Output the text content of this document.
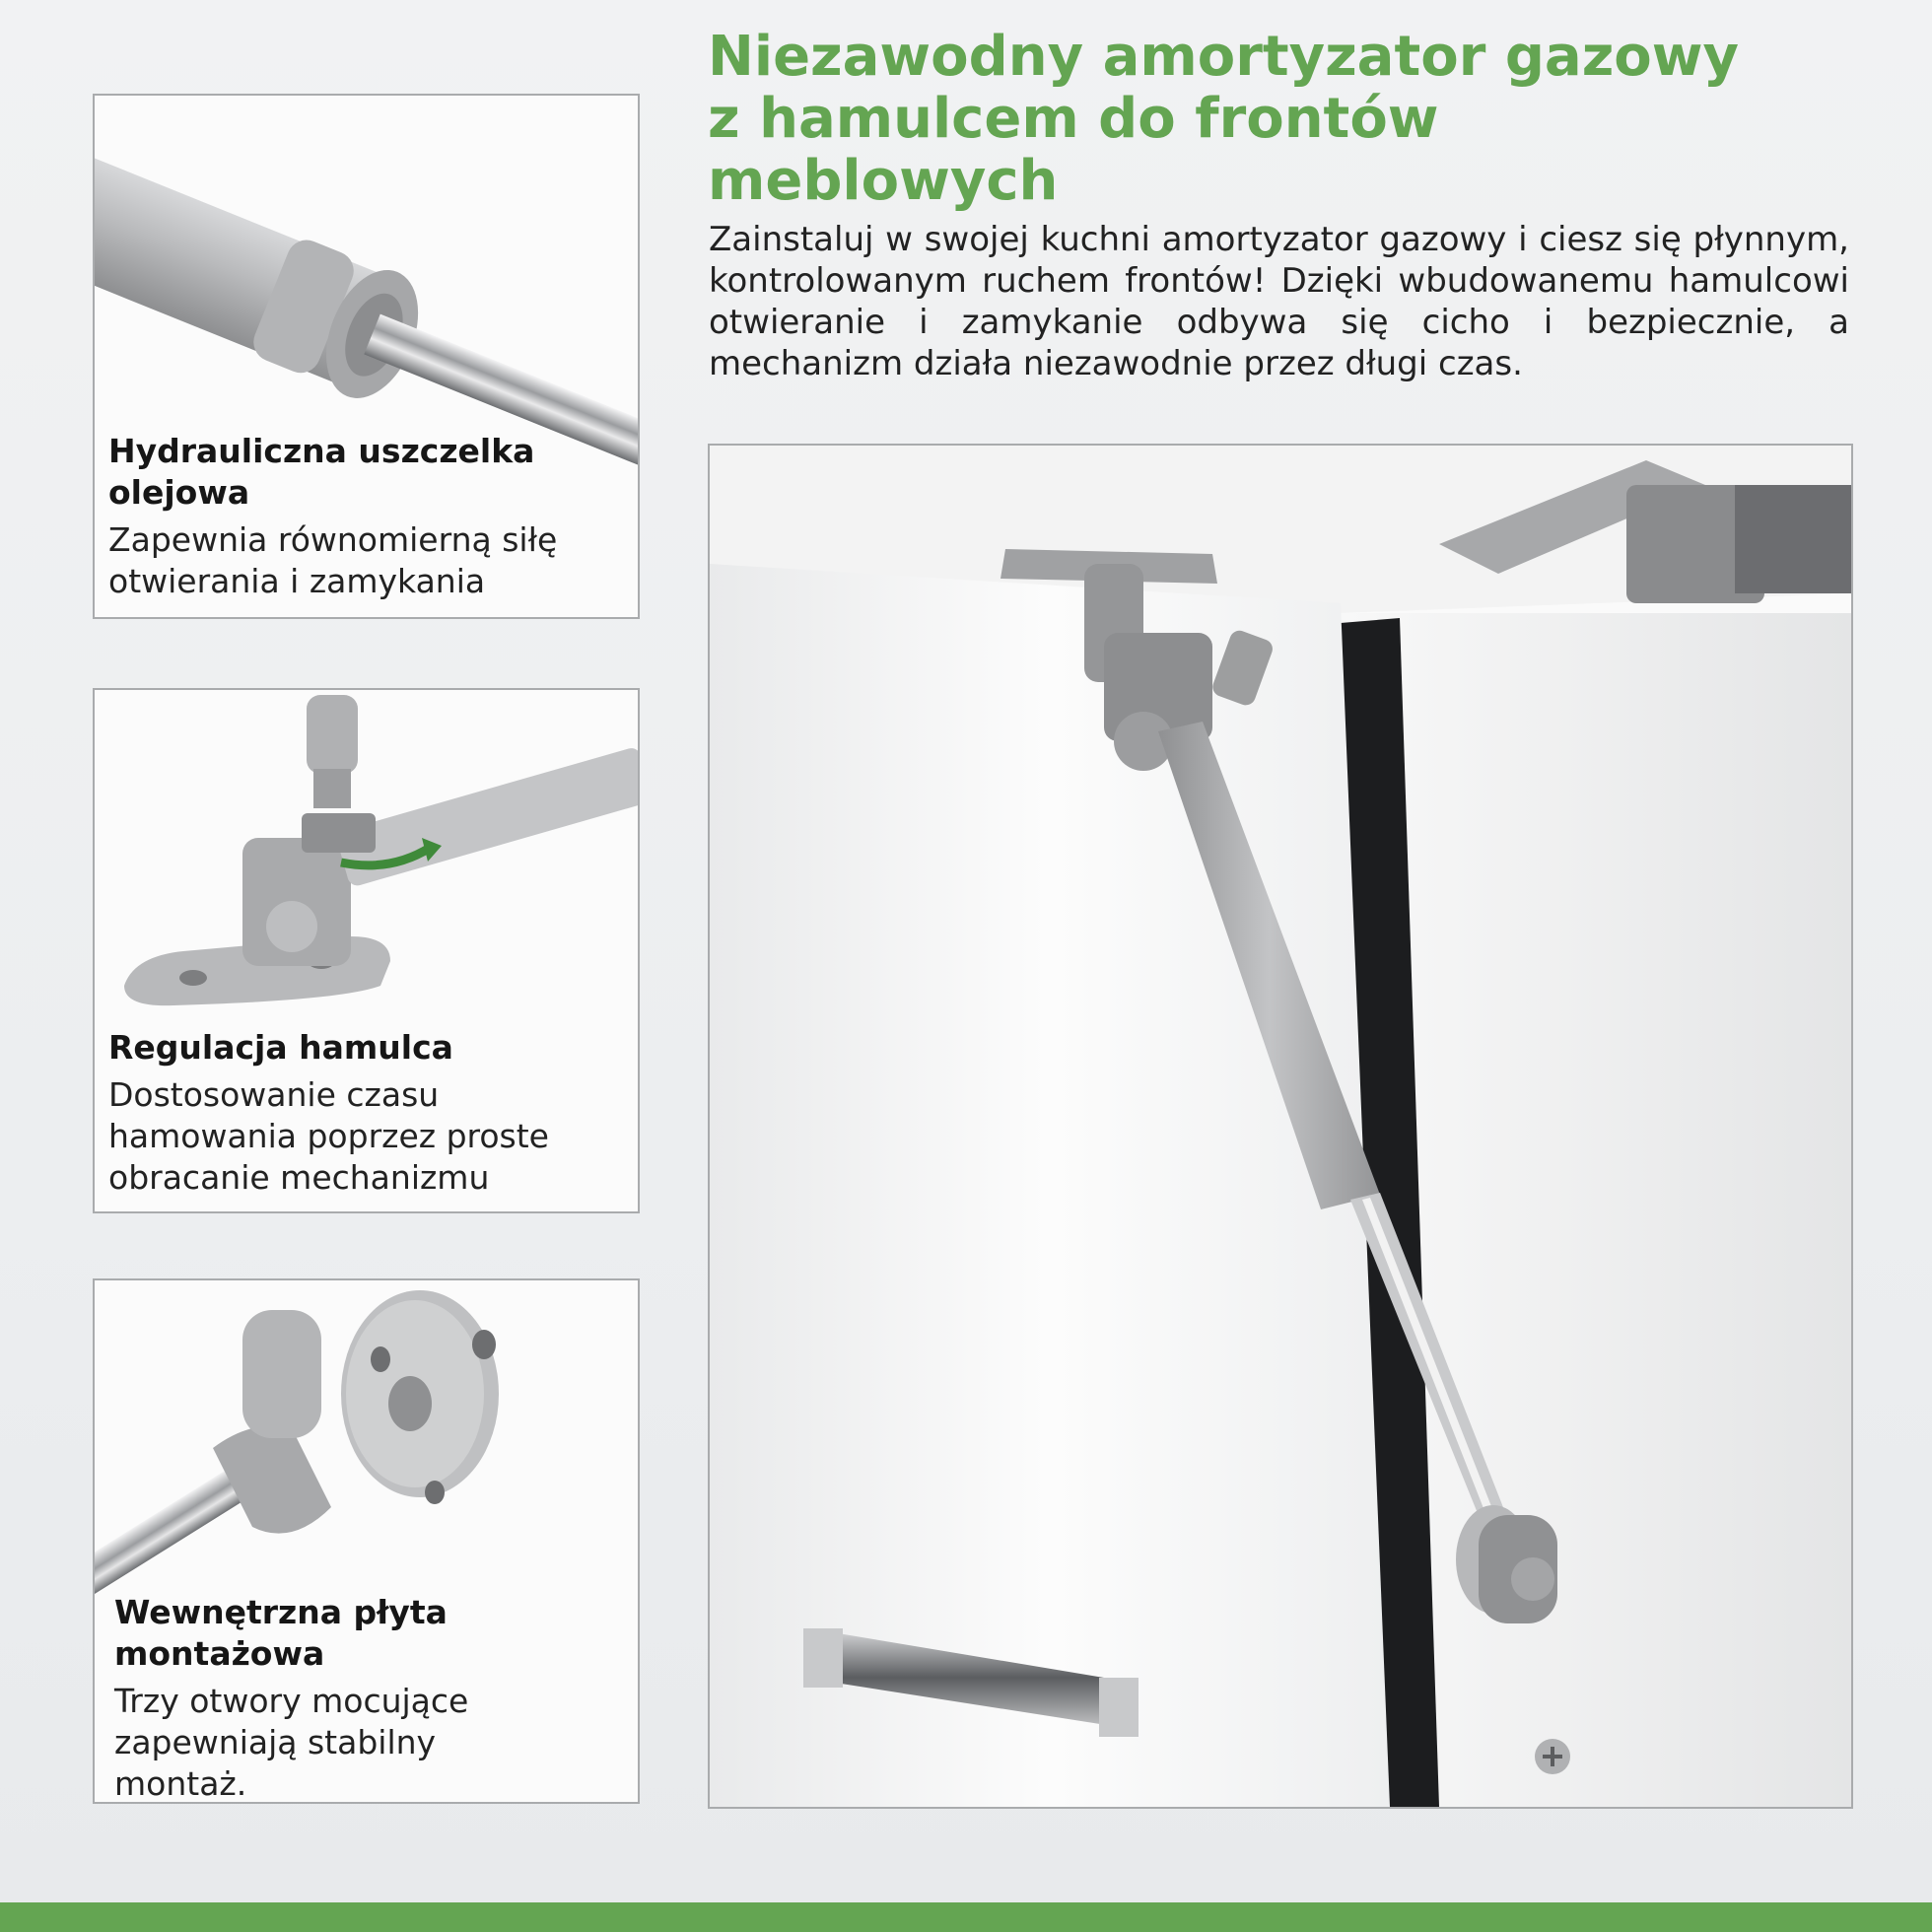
Niezawodny amortyzator gazowy
z hamulcem do frontów
meblowych

Zainstaluj w swojej kuchni amortyzator gazowy i ciesz się płynnym, kontrolowanym ruchem frontów! Dzięki wbudowanemu hamulcowi otwieranie i zamykanie odbywa się cicho i bezpiecznie, a mechanizm działa niezawodnie przez długi czas.

Hydrauliczna uszczelka
olejowa

Zapewnia równomierną siłę
otwierania i zamykania

Regulacja hamulca

Dostosowanie czasu
hamowania poprzez proste
obracanie mechanizmu

Wewnętrzna płyta
montażowa

Trzy otwory mocujące
zapewniają stabilny
montaż.
